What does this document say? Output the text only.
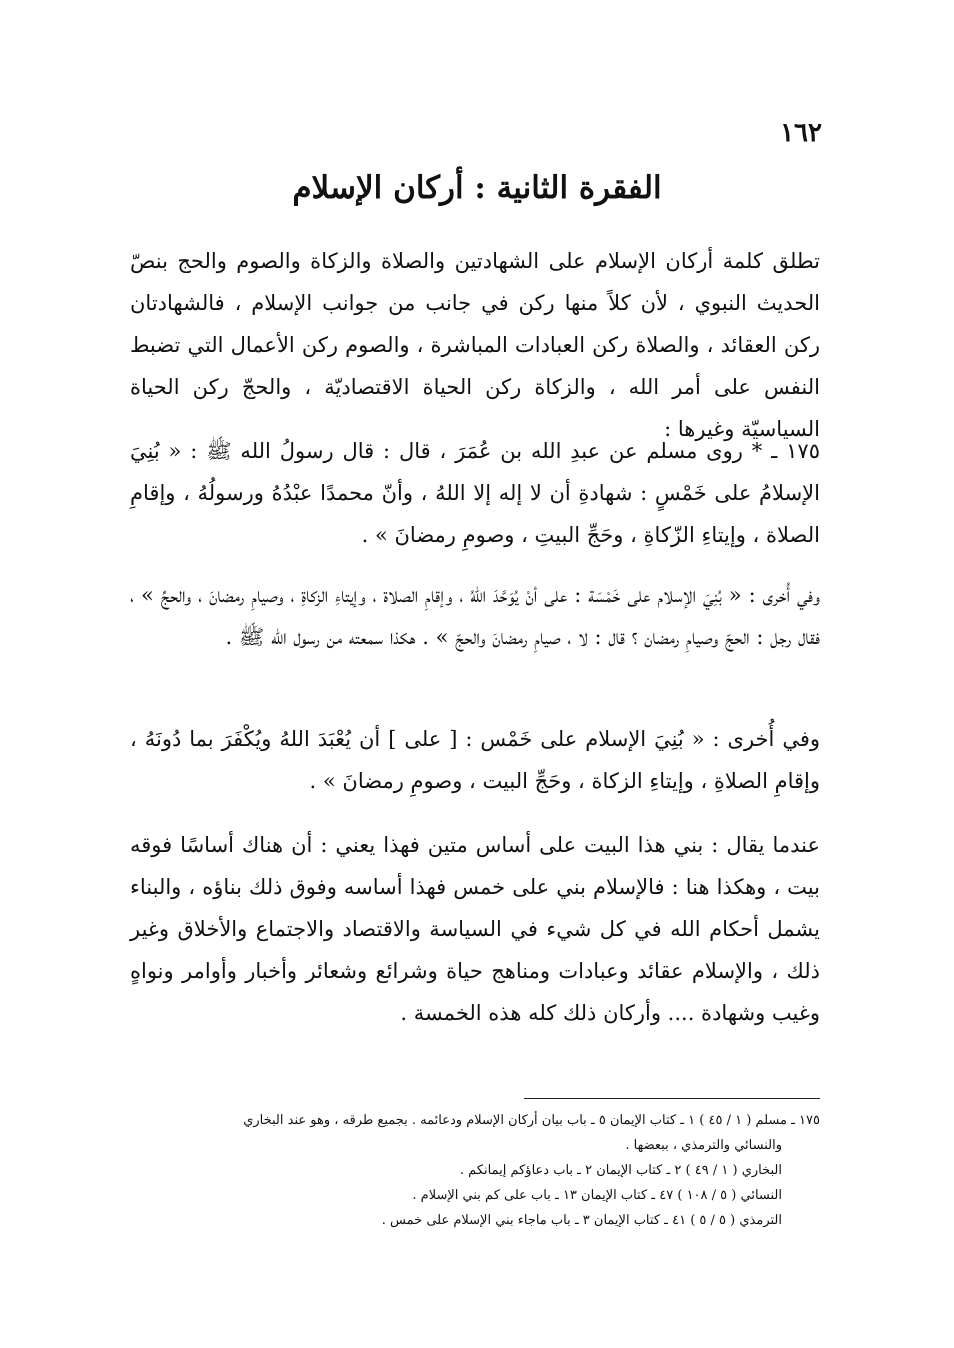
١٦٢
الفقرة الثانية : أركان الإسلام

تطلق كلمة أركان الإسلام على الشهادتين والصلاة والزكاة والصوم والحج بنصّ الحديث النبوي ، لأن كلاً منها ركن في جانب من جوانب الإسلام ، فالشهادتان ركن العقائد ، والصلاة ركن العبادات المباشرة ، والصوم ركن الأعمال التي تضبط النفس على أمر الله ، والزكاة ركن الحياة الاقتصاديّة ، والحجّ ركن الحياة السياسيّة وغيرها :

١٧٥ ـ * روى مسلم عن عبدِ الله بن عُمَرَ ، قال : قال رسولُ الله ﷺ : « بُنِيَ الإسلامُ على خَمْسٍ : شهادةِ أن لا إله إلا اللهُ ، وأنّ محمدًا عبْدُهُ ورسولُهُ ، وإقامِ الصلاة ، وإيتاءِ الزّكاةِ ، وحَجِّ البيتِ ، وصومِ رمضانَ » .

وفي أُخرى : « بُنِيَ الإسلام على خَمْسَة : على أنْ يُوَحَّدَ اللهُ ، وإقامِ الصلاة ، وإيتاءِ الزكاةِ ، وصيامِ رمضانَ ، والحجِّ » ، فقال رجل : الحجّ وصيامِ رمضان ؟ قال : لا ، صيامِ رمضانَ والحجّ » . هكذا سمعته من رسول الله ﷺ .

وفي أُخرى : « بُنِيَ الإسلام على خَمْس : [ على ] أن يُعْبَدَ اللهُ ويُكْفَرَ بما دُونَهُ ، وإقامِ الصلاةِ ، وإيتاءِ الزكاة ، وحَجِّ البيت ، وصومِ رمضانَ » .

عندما يقال : بني هذا البيت على أساس متين فهذا يعني : أن هناك أساسًا فوقه بيت ، وهكذا هنا : فالإسلام بني على خمس فهذا أساسه وفوق ذلك بناؤه ، والبناء يشمل أحكام الله في كل شيء في السياسة والاقتصاد والاجتماع والأخلاق وغير ذلك ، والإسلام عقائد وعبادات ومناهج حياة وشرائع وشعائر وأخبار وأوامر ونواهٍ وغيب وشهادة .... وأركان ذلك كله هذه الخمسة .

١٧٥ ـ مسلم ( ١ / ٤٥ ) ١ ـ كتاب الإيمان ٥ ـ باب بيان أركان الإسلام ودعائمه . بجميع طرقه ، وهو عند البخاري
والنسائي والترمذي ، ببعضها .
البخاري ( ١ / ٤٩ ) ٢ ـ كتاب الإيمان ٢ ـ باب دعاؤكم إيمانكم .
النسائي ( ٥ / ١٠٨ ) ٤٧ ـ كتاب الإيمان ١٣ ـ باب على كم بني الإسلام .
الترمذي ( ٥ / ٥ ) ٤١ ـ كتاب الإيمان ٣ ـ باب ماجاء بني الإسلام على خمس .
